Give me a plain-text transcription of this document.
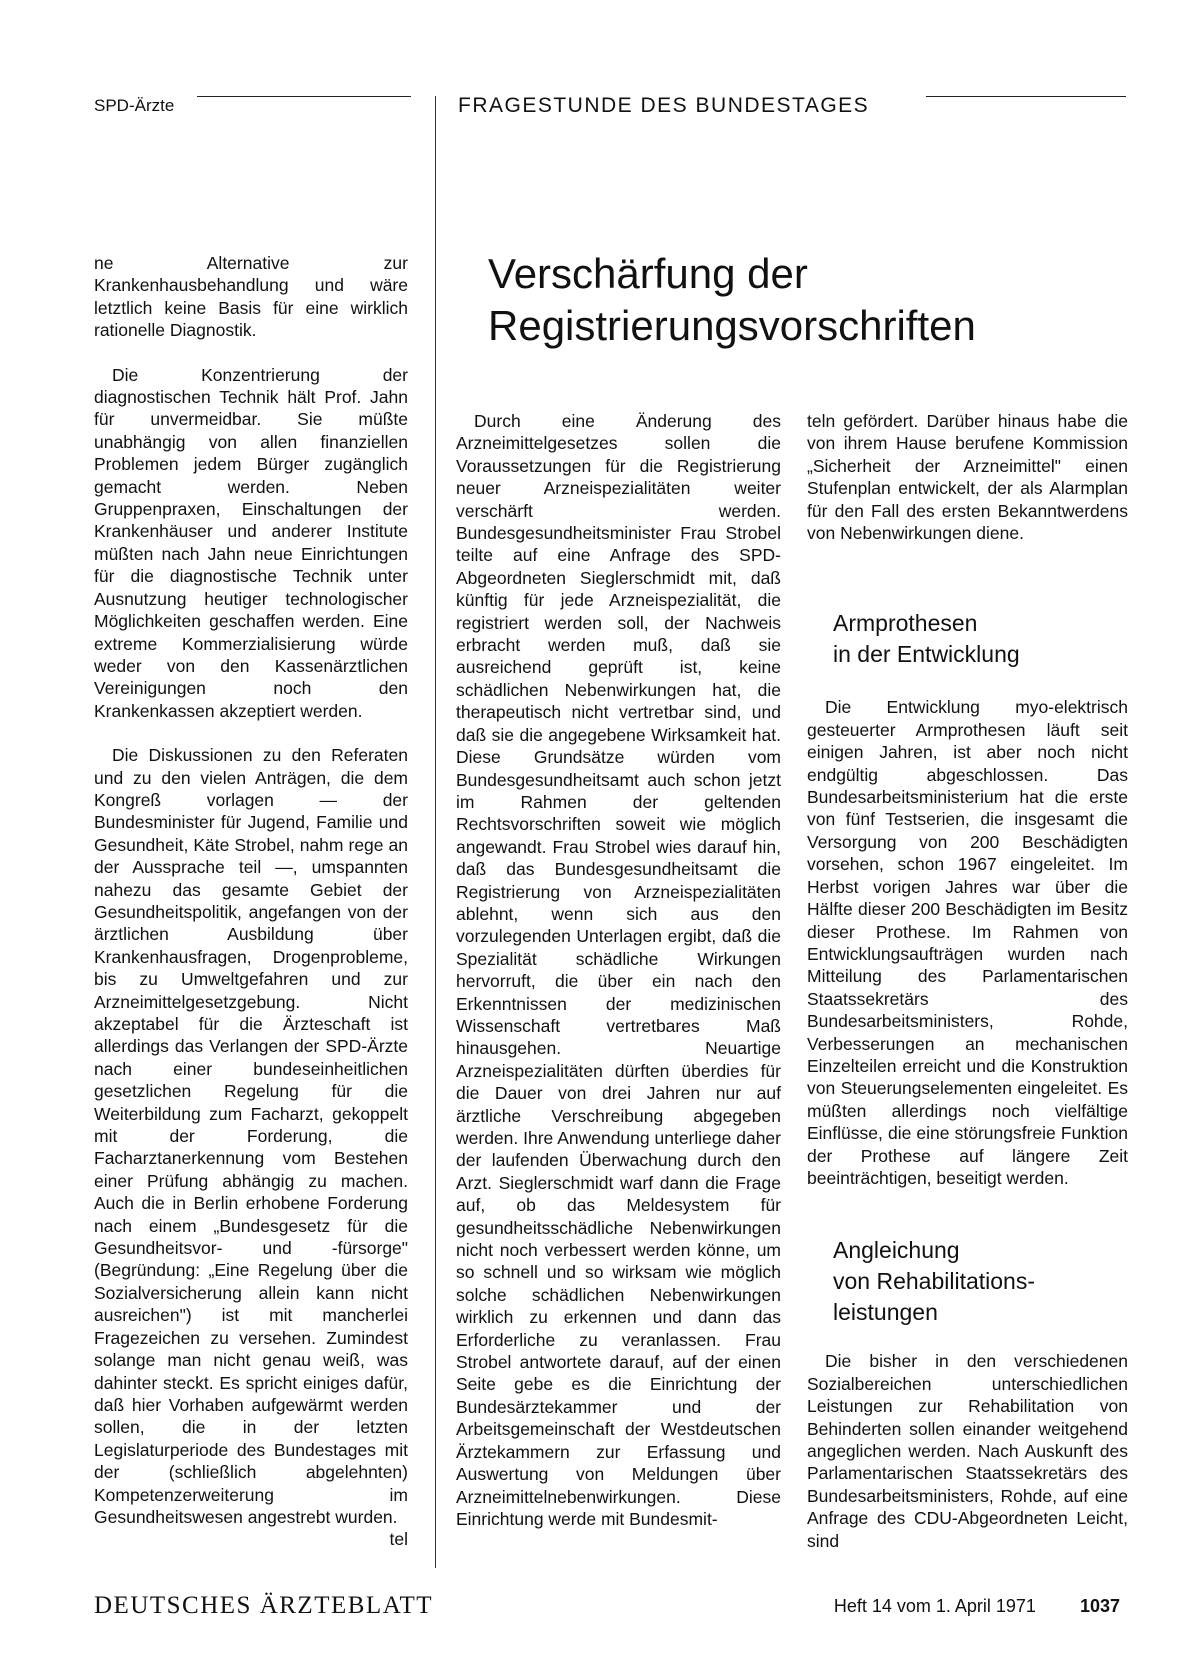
SPD-Ärzte	FRAGESTUNDE DES BUNDESTAGES
Verschärfung der
Registrierungsvorschriften

ne Alternative zur Krankenhausbehandlung und wäre letztlich keine Basis für eine wirklich rationelle Diagnostik.

Die Konzentrierung der diagnostischen Technik hält Prof. Jahn für unvermeidbar. Sie müßte unabhängig von allen finanziellen Problemen jedem Bürger zugänglich gemacht werden. Neben Gruppenpraxen, Einschaltungen der Krankenhäuser und anderer Institute müßten nach Jahn neue Einrichtungen für die diagnostische Technik unter Ausnutzung heutiger technologischer Möglichkeiten geschaffen werden. Eine extreme Kommerzialisierung würde weder von den Kassenärztlichen Vereinigungen noch den Krankenkassen akzeptiert werden.

Die Diskussionen zu den Referaten und zu den vielen Anträgen, die dem Kongreß vorlagen — der Bundesminister für Jugend, Familie und Gesundheit, Käte Strobel, nahm rege an der Aussprache teil —, umspannten nahezu das gesamte Gebiet der Gesundheitspolitik, angefangen von der ärztlichen Ausbildung über Krankenhausfragen, Drogenprobleme, bis zu Umweltgefahren und zur Arzneimittelgesetzgebung. Nicht akzeptabel für die Ärzteschaft ist allerdings das Verlangen der SPD-Ärzte nach einer bundeseinheitlichen gesetzlichen Regelung für die Weiterbildung zum Facharzt, gekoppelt mit der Forderung, die Facharztanerkennung vom Bestehen einer Prüfung abhängig zu machen. Auch die in Berlin erhobene Forderung nach einem „Bundesgesetz für die Gesundheitsvor- und -fürsorge" (Begründung: „Eine Regelung über die Sozialversicherung allein kann nicht ausreichen") ist mit mancherlei Fragezeichen zu versehen. Zumindest solange man nicht genau weiß, was dahinter steckt. Es spricht einiges dafür, daß hier Vorhaben aufgewärmt werden sollen, die in der letzten Legislaturperiode des Bundestages mit der (schließlich abgelehnten) Kompetenzerweiterung im Gesundheitswesen angestrebt wurden.
tel

Durch eine Änderung des Arzneimittelgesetzes sollen die Voraussetzungen für die Registrierung neuer Arzneispezialitäten weiter verschärft werden. Bundesgesundheitsminister Frau Strobel teilte auf eine Anfrage des SPD-Abgeordneten Sieglerschmidt mit, daß künftig für jede Arzneispezialität, die registriert werden soll, der Nachweis erbracht werden muß, daß sie ausreichend geprüft ist, keine schädlichen Nebenwirkungen hat, die therapeutisch nicht vertretbar sind, und daß sie die angegebene Wirksamkeit hat. Diese Grundsätze würden vom Bundesgesundheitsamt auch schon jetzt im Rahmen der geltenden Rechtsvorschriften soweit wie möglich angewandt. Frau Strobel wies darauf hin, daß das Bundesgesundheitsamt die Registrierung von Arzneispezialitäten ablehnt, wenn sich aus den vorzulegenden Unterlagen ergibt, daß die Spezialität schädliche Wirkungen hervorruft, die über ein nach den Erkenntnissen der medizinischen Wissenschaft vertretbares Maß hinausgehen. Neuartige Arzneispezialitäten dürften überdies für die Dauer von drei Jahren nur auf ärztliche Verschreibung abgegeben werden. Ihre Anwendung unterliege daher der laufenden Überwachung durch den Arzt. Sieglerschmidt warf dann die Frage auf, ob das Meldesystem für gesundheitsschädliche Nebenwirkungen nicht noch verbessert werden könne, um so schnell und so wirksam wie möglich solche schädlichen Nebenwirkungen wirklich zu erkennen und dann das Erforderliche zu veranlassen. Frau Strobel antwortete darauf, auf der einen Seite gebe es die Einrichtung der Bundesärztekammer und der Arbeitsgemeinschaft der Westdeutschen Ärztekammern zur Erfassung und Auswertung von Meldungen über Arzneimittelnebenwirkungen. Diese Einrichtung werde mit Bundesmit-

teln gefördert. Darüber hinaus habe die von ihrem Hause berufene Kommission „Sicherheit der Arzneimittel" einen Stufenplan entwickelt, der als Alarmplan für den Fall des ersten Bekanntwerdens von Nebenwirkungen diene.

Armprothesen
in der Entwicklung

Die Entwicklung myo-elektrisch gesteuerter Armprothesen läuft seit einigen Jahren, ist aber noch nicht endgültig abgeschlossen. Das Bundesarbeitsministerium hat die erste von fünf Testserien, die insgesamt die Versorgung von 200 Beschädigten vorsehen, schon 1967 eingeleitet. Im Herbst vorigen Jahres war über die Hälfte dieser 200 Beschädigten im Besitz dieser Prothese. Im Rahmen von Entwicklungsaufträgen wurden nach Mitteilung des Parlamentarischen Staatssekretärs des Bundesarbeitsministers, Rohde, Verbesserungen an mechanischen Einzelteilen erreicht und die Konstruktion von Steuerungselementen eingeleitet. Es müßten allerdings noch vielfältige Einflüsse, die eine störungsfreie Funktion der Prothese auf längere Zeit beeinträchtigen, beseitigt werden.

Angleichung
von Rehabilitations-
leistungen

Die bisher in den verschiedenen Sozialbereichen unterschiedlichen Leistungen zur Rehabilitation von Behinderten sollen einander weitgehend angeglichen werden. Nach Auskunft des Parlamentarischen Staatssekretärs des Bundesarbeitsministers, Rohde, auf eine Anfrage des CDU-Abgeordneten Leicht, sind

DEUTSCHES ÄRZTEBLATT	Heft 14 vom 1. April 1971 1037
